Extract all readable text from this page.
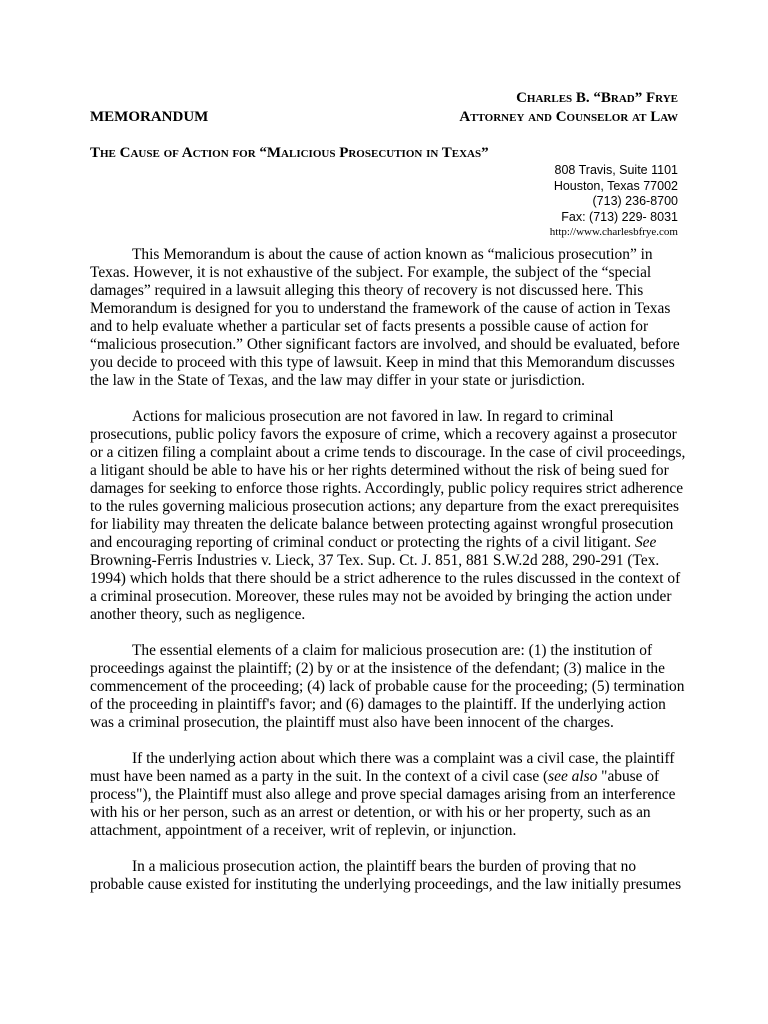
Charles B. “Brad” Frye
MEMORANDUM	Attorney and Counselor at Law
The Cause of Action for “Malicious Prosecution in Texas”
808 Travis, Suite 1101
Houston, Texas 77002
(713) 236-8700
Fax: (713) 229- 8031
http://www.charlesbfrye.com

This Memorandum is about the cause of action known as “malicious prosecution” in Texas. However, it is not exhaustive of the subject. For example, the subject of the “special damages” required in a lawsuit alleging this theory of recovery is not discussed here. This Memorandum is designed for you to understand the framework of the cause of action in Texas and to help evaluate whether a particular set of facts presents a possible cause of action for “malicious prosecution.” Other significant factors are involved, and should be evaluated, before you decide to proceed with this type of lawsuit. Keep in mind that this Memorandum discusses the law in the State of Texas, and the law may differ in your state or jurisdiction.

Actions for malicious prosecution are not favored in law. In regard to criminal prosecutions, public policy favors the exposure of crime, which a recovery against a prosecutor or a citizen filing a complaint about a crime tends to discourage. In the case of civil proceedings, a litigant should be able to have his or her rights determined without the risk of being sued for damages for seeking to enforce those rights. Accordingly, public policy requires strict adherence to the rules governing malicious prosecution actions; any departure from the exact prerequisites for liability may threaten the delicate balance between protecting against wrongful prosecution and encouraging reporting of criminal conduct or protecting the rights of a civil litigant. See Browning-Ferris Industries v. Lieck, 37 Tex. Sup. Ct. J. 851, 881 S.W.2d 288, 290-291 (Tex. 1994) which holds that there should be a strict adherence to the rules discussed in the context of a criminal prosecution. Moreover, these rules may not be avoided by bringing the action under another theory, such as negligence.

The essential elements of a claim for malicious prosecution are: (1) the institution of proceedings against the plaintiff; (2) by or at the insistence of the defendant; (3) malice in the commencement of the proceeding; (4) lack of probable cause for the proceeding; (5) termination of the proceeding in plaintiff's favor; and (6) damages to the plaintiff. If the underlying action was a criminal prosecution, the plaintiff must also have been innocent of the charges.

If the underlying action about which there was a complaint was a civil case, the plaintiff must have been named as a party in the suit. In the context of a civil case (see also "abuse of process"), the Plaintiff must also allege and prove special damages arising from an interference with his or her person, such as an arrest or detention, or with his or her property, such as an attachment, appointment of a receiver, writ of replevin, or injunction.

In a malicious prosecution action, the plaintiff bears the burden of proving that no probable cause existed for instituting the underlying proceedings, and the law initially presumes
